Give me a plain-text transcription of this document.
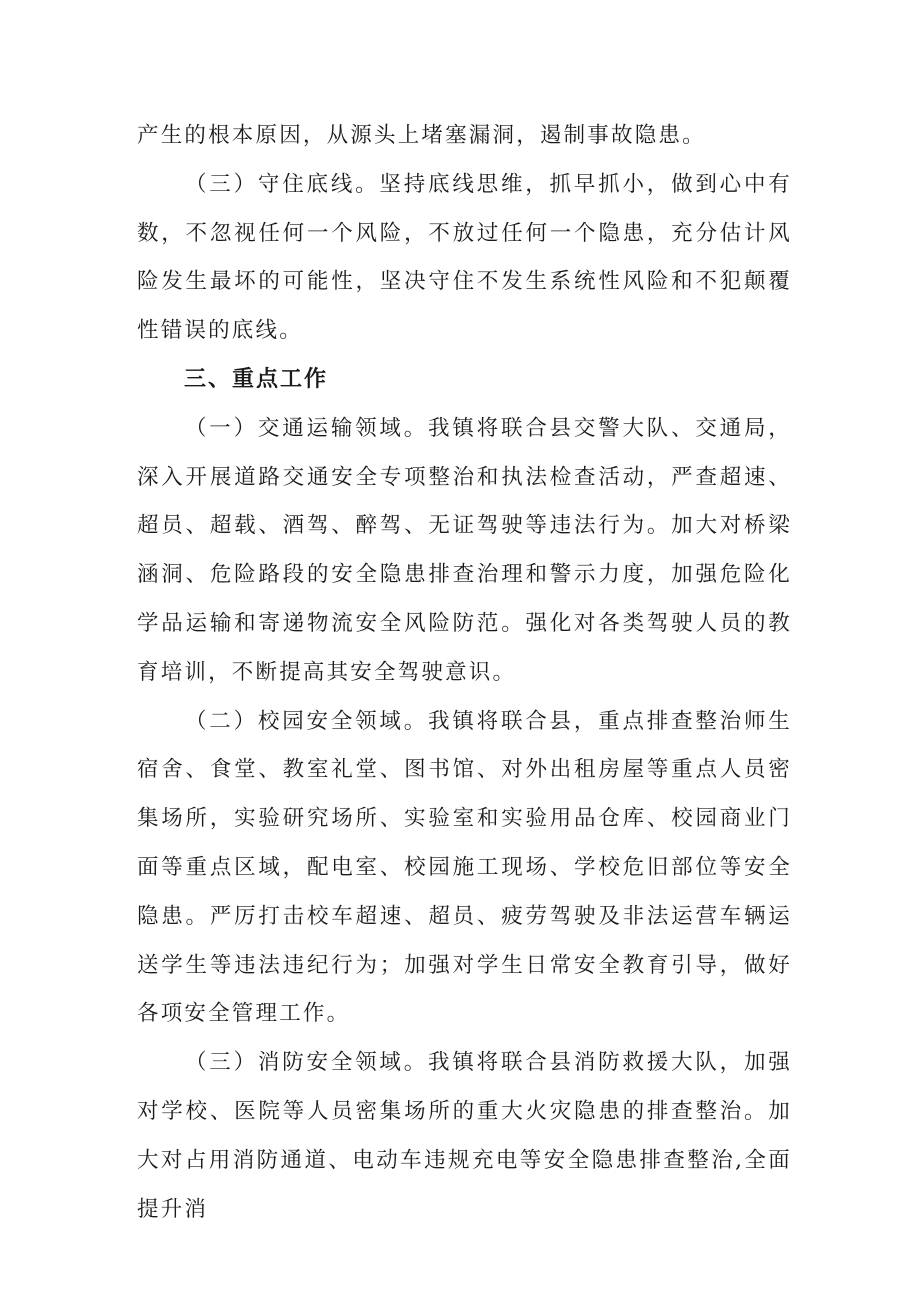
产生的根本原因，从源头上堵塞漏洞，遏制事故隐患。

（三）守住底线。坚持底线思维，抓早抓小，做到心中有数，不忽视任何一个风险，不放过任何一个隐患，充分估计风险发生最坏的可能性，坚决守住不发生系统性风险和不犯颠覆性错误的底线。

三、重点工作

（一）交通运输领域。我镇将联合县交警大队、交通局，深入开展道路交通安全专项整治和执法检查活动，严查超速、超员、超载、酒驾、醉驾、无证驾驶等违法行为。加大对桥梁涵洞、危险路段的安全隐患排查治理和警示力度，加强危险化学品运输和寄递物流安全风险防范。强化对各类驾驶人员的教育培训，不断提高其安全驾驶意识。

（二）校园安全领域。我镇将联合县，重点排查整治师生宿舍、食堂、教室礼堂、图书馆、对外出租房屋等重点人员密集场所，实验研究场所、实验室和实验用品仓库、校园商业门面等重点区域，配电室、校园施工现场、学校危旧部位等安全隐患。严厉打击校车超速、超员、疲劳驾驶及非法运营车辆运送学生等违法违纪行为；加强对学生日常安全教育引导，做好各项安全管理工作。

（三）消防安全领域。我镇将联合县消防救援大队，加强对学校、医院等人员密集场所的重大火灾隐患的排查整治。加大对占用消防通道、电动车违规充电等安全隐患排查整治,全面提升消
